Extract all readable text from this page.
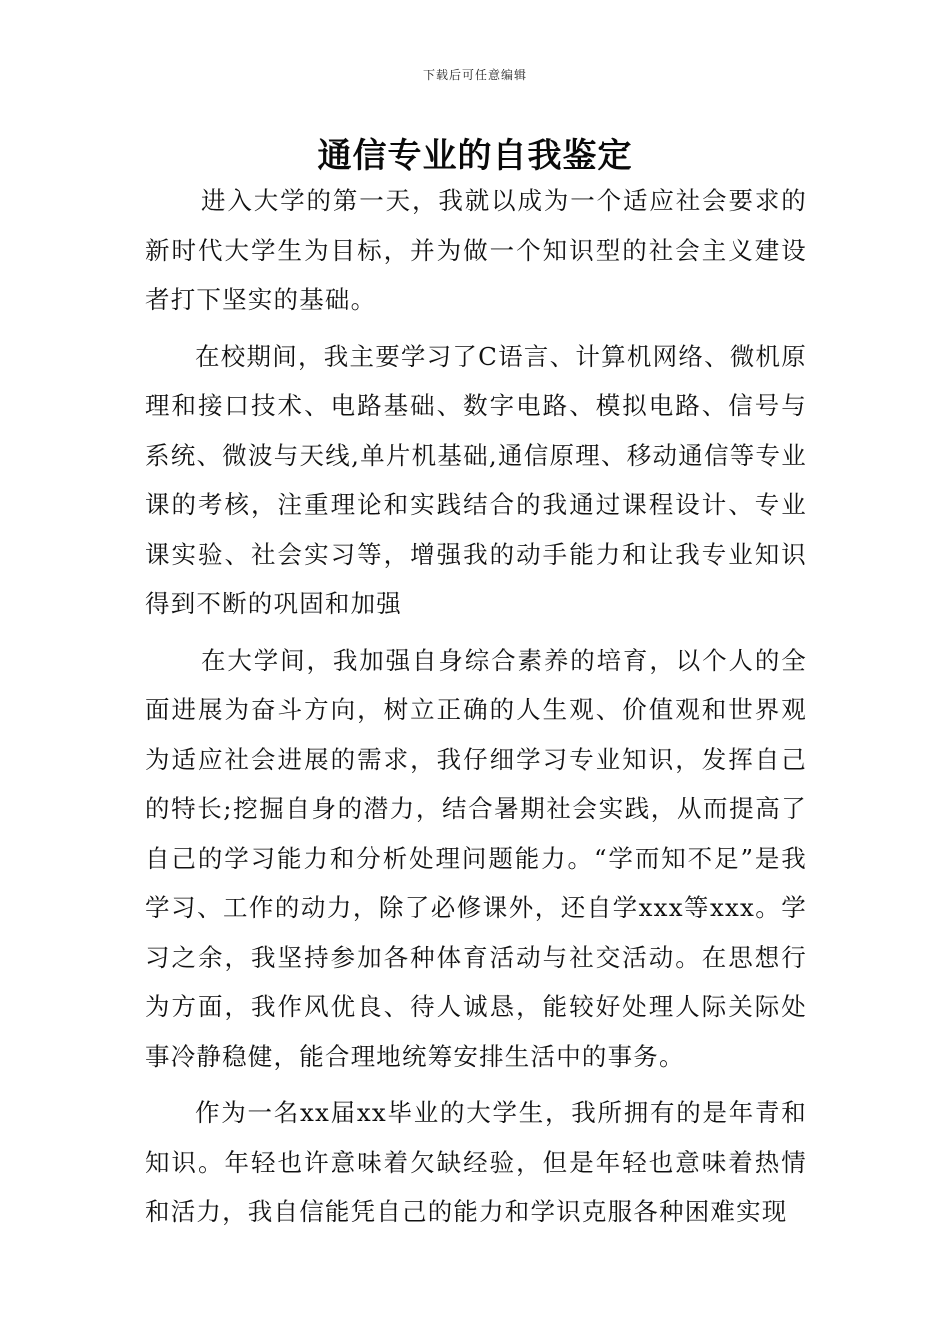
下载后可任意编辑
通信专业的自我鉴定

进入大学的第一天，我就以成为一个适应社会要求的新时代大学生为目标，并为做一个知识型的社会主义建设者打下坚实的基础。

在校期间，我主要学习了C语言、计算机网络、微机原理和接口技术、电路基础、数字电路、模拟电路、信号与系统、微波与天线,单片机基础,通信原理、移动通信等专业课的考核，注重理论和实践结合的我通过课程设计、专业课实验、社会实习等，增强我的动手能力和让我专业知识得到不断的巩固和加强

在大学间，我加强自身综合素养的培育，以个人的全面进展为奋斗方向，树立正确的人生观、价值观和世界观为适应社会进展的需求，我仔细学习专业知识，发挥自己的特长;挖掘自身的潜力，结合暑期社会实践，从而提高了自己的学习能力和分析处理问题能力。“学而知不足”是我学习、工作的动力，除了必修课外，还自学xxx等xxx。学习之余，我坚持参加各种体育活动与社交活动。在思想行为方面，我作风优良、待人诚恳，能较好处理人际关际处事冷静稳健，能合理地统筹安排生活中的事务。

作为一名xx届xx毕业的大学生，我所拥有的是年青和知识。年轻也许意味着欠缺经验，但是年轻也意味着热情和活力，我自信能凭自己的能力和学识克服各种困难实现
